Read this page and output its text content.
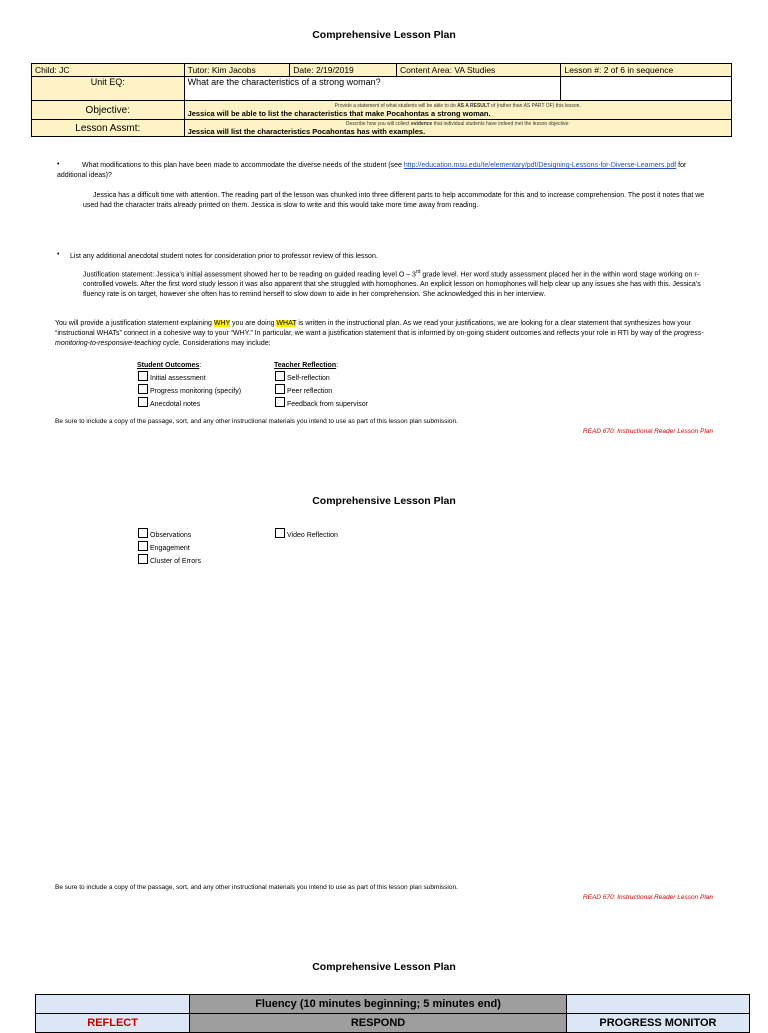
Comprehensive Lesson Plan
Child: JC	Tutor: Kim Jacobs	Date: 2/19/2019	Content Area: VA Studies	Lesson #: 2 of 6 in sequence
Unit EQ:	What are the characteristics of a strong woman?			
Objective:	Provide a statement of what students will be able to do AS A RESULT of (rather than AS PART OF) this lesson.
Jessica will be able to list the characteristics that make Pocahontas a strong woman.			

Lesson Assmt:	Describe how you will collect evidence that individual students have indeed met the lesson objective:
Jessica will list the characteristics Pocahontas has with examples.			
•	What modifications to this plan have been made to accommodate the diverse needs of the student (see http://education.msu.edu/te/elementary/pdf/Designing-Lessons-for-Diverse-Learners.pdf for additional ideas)?
Jessica has a difficult time with attention. The reading part of the lesson was chunked into three different parts to help accommodate for this and to increase comprehension. The post it notes that we used had the character traits already printed on them. Jessica is slow to write and this would take more time away from reading.
• List any additional anecdotal student notes for consideration prior to professor review of this lesson.
Justification statement: Jessica’s initial assessment showed her to be reading on guided reading level O – 3rd grade level. Her word study assessment placed her in the within word stage working on r-controlled vowels. After the first word study lesson it was also apparent that she struggled with homophones. An explicit lesson on homophones will help clear up any issues she has with this. Jessica’s fluency rate is on target, however she often has to remind herself to slow down to aide in her comprehension. She acknowledged this in her interview.
You will provide a justification statement explaining WHY you are doing WHAT is written in the instructional plan. As we read your justifications, we are looking for a clear statement that synthesizes how your “instructional WHATs” connect in a cohesive way to your “WHY.” In particular, we want a justification statement that is informed by on-going student outcomes and reflects your role in RTI by way of the progress-monitoring-to-responsive-teaching cycle. Considerations may include:
Student Outcomes:
Initial assessment
Progress monitoring (specify)
Anecdotal notes
Teacher Reflection:
Self-reflection
Peer reflection
Feedback from supervisor
Be sure to include a copy of the passage, sort, and any other instructional materials you intend to use as part of this lesson plan submission.
READ 670: Instructional Reader Lesson Plan
Comprehensive Lesson Plan
Observations
Engagement
Cluster of Errors
Video Reflection
Be sure to include a copy of the passage, sort, and any other instructional materials you intend to use as part of this lesson plan submission.
READ 670: Instructional Reader Lesson Plan
Comprehensive Lesson Plan
	Fluency (10 minutes beginning; 5 minutes end)	
REFLECT	RESPOND	PROGRESS MONITOR
